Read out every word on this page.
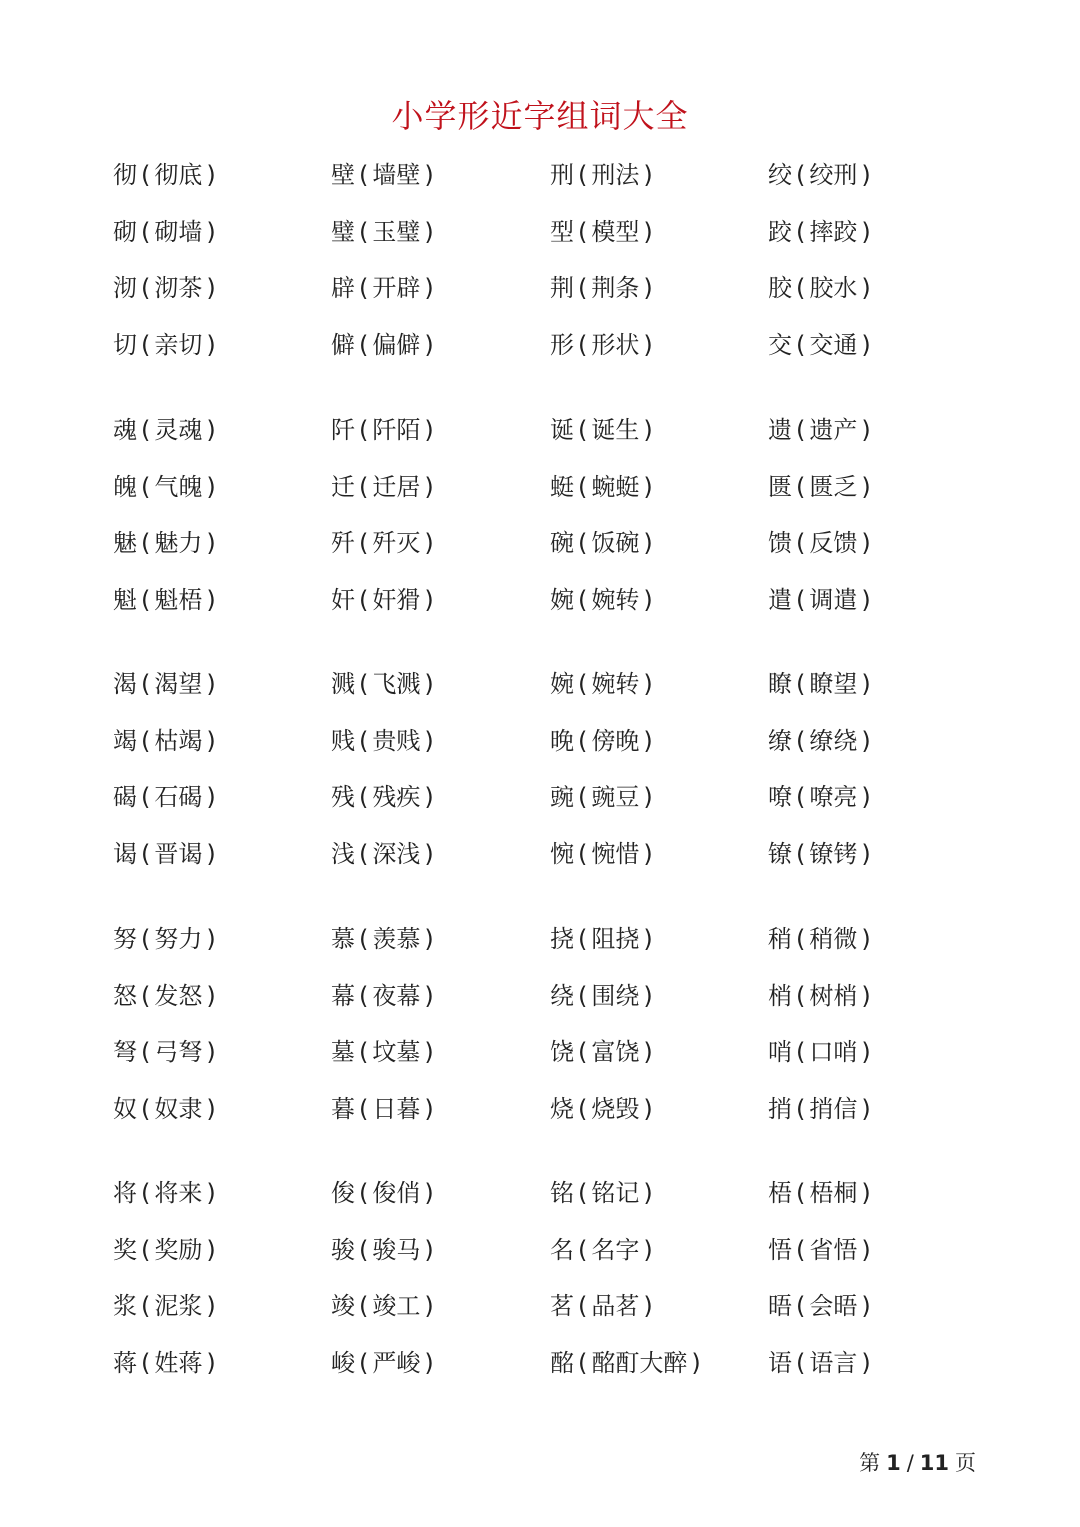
小学形近字组词大全
彻 ( 彻底 )	壁 ( 墙壁 )	刑 ( 刑法 )	绞 ( 绞刑 )
砌 ( 砌墙 )	璧 ( 玉璧 )	型 ( 模型 )	跤 ( 摔跤 )
沏 ( 沏茶 )	辟 ( 开辟 )	荆 ( 荆条 )	胶 ( 胶水 )
切 ( 亲切 )	僻 ( 偏僻 )	形 ( 形状 )	交 ( 交通 )
魂 ( 灵魂 )	阡 ( 阡陌 )	诞 ( 诞生 )	遗 ( 遗产 )
魄 ( 气魄 )	迁 ( 迁居 )	蜓 ( 蜿蜓 )	匮 ( 匮乏 )
魅 ( 魅力 )	歼 ( 歼灭 )	碗 ( 饭碗 )	馈 ( 反馈 )
魁 ( 魁梧 )	奸 ( 奸猾 )	婉 ( 婉转 )	遣 ( 调遣 )
渴 ( 渴望 )	溅 ( 飞溅 )	婉 ( 婉转 )	瞭 ( 瞭望 )
竭 ( 枯竭 )	贱 ( 贵贱 )	晚 ( 傍晚 )	缭 ( 缭绕 )
碣 ( 石碣 )	残 ( 残疾 )	豌 ( 豌豆 )	嘹 ( 嘹亮 )
谒 ( 晋谒 )	浅 ( 深浅 )	惋 ( 惋惜 )	镣 ( 镣铐 )
努 ( 努力 )	慕 ( 羡慕 )	挠 ( 阻挠 )	稍 ( 稍微 )
怒 ( 发怒 )	幕 ( 夜幕 )	绕 ( 围绕 )	梢 ( 树梢 )
弩 ( 弓弩 )	墓 ( 坟墓 )	饶 ( 富饶 )	哨 ( 口哨 )
奴 ( 奴隶 )	暮 ( 日暮 )	烧 ( 烧毁 )	捎 ( 捎信 )
将 ( 将来 )	俊 ( 俊俏 )	铭 ( 铭记 )	梧 ( 梧桐 )
奖 ( 奖励 )	骏 ( 骏马 )	名 ( 名字 )	悟 ( 省悟 )
浆 ( 泥浆 )	竣 ( 竣工 )	茗 ( 品茗 )	晤 ( 会晤 )
蒋 ( 姓蒋 )	峻 ( 严峻 )	酩 ( 酩酊大醉 )	语 ( 语言 )
第 1 / 11 页
